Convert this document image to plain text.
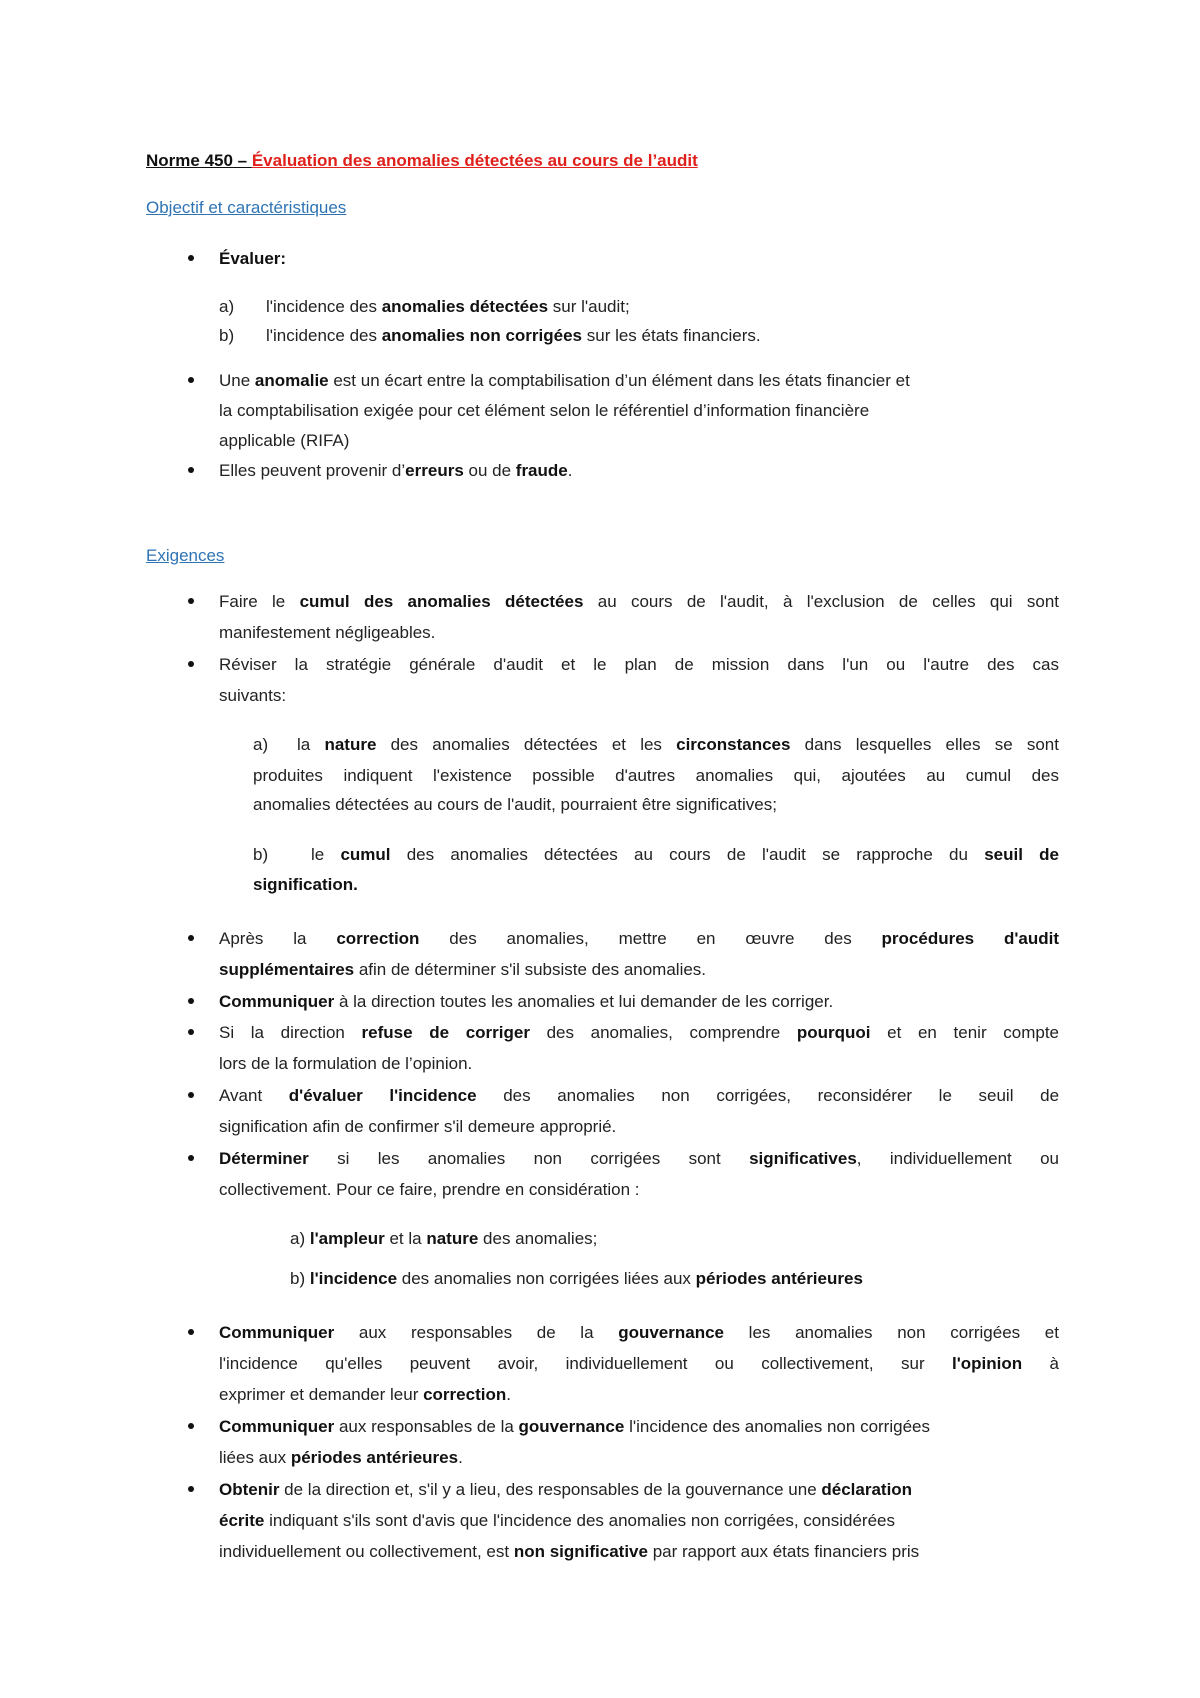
Norme 450 – Évaluation des anomalies détectées au cours de l’audit
Objectif et caractéristiques
Évaluer:
a) l'incidence des anomalies détectées sur l'audit;
b) l'incidence des anomalies non corrigées sur les états financiers.
Une anomalie est un écart entre la comptabilisation d’un élément dans les états financier et
la comptabilisation exigée pour cet élément selon le référentiel d’information financière
applicable (RIFA)
Elles peuvent provenir d’erreurs ou de fraude.
Exigences
Faire le cumul des anomalies détectées au cours de l'audit, à l'exclusion de celles qui sont
manifestement négligeables.
Réviser la stratégie générale d'audit et le plan de mission dans l'un ou l'autre des cas
suivants:
a) la nature des anomalies détectées et les circonstances dans lesquelles elles se sont
produites indiquent l'existence possible d'autres anomalies qui, ajoutées au cumul des
anomalies détectées au cours de l'audit, pourraient être significatives;
b)	le cumul des anomalies détectées au cours de l'audit se rapproche du seuil de
signification.
Après la correction des anomalies, mettre en œuvre des procédures d'audit
supplémentaires afin de déterminer s'il subsiste des anomalies.
Communiquer à la direction toutes les anomalies et lui demander de les corriger.
Si la direction refuse de corriger des anomalies, comprendre pourquoi et en tenir compte
lors de la formulation de l’opinion.
Avant d'évaluer l'incidence des anomalies non corrigées, reconsidérer le seuil de
signification afin de confirmer s'il demeure approprié.
Déterminer si les anomalies non corrigées sont significatives, individuellement ou
collectivement. Pour ce faire, prendre en considération :
a) l'ampleur et la nature des anomalies;
b) l'incidence des anomalies non corrigées liées aux périodes antérieures
Communiquer aux responsables de la gouvernance les anomalies non corrigées et
l'incidence qu'elles peuvent avoir, individuellement ou collectivement, sur l'opinion à
exprimer et demander leur correction.
Communiquer aux responsables de la gouvernance l'incidence des anomalies non corrigées
liées aux périodes antérieures.
Obtenir de la direction et, s'il y a lieu, des responsables de la gouvernance une déclaration
écrite indiquant s'ils sont d'avis que l'incidence des anomalies non corrigées, considérées
individuellement ou collectivement, est non significative par rapport aux états financiers pris
